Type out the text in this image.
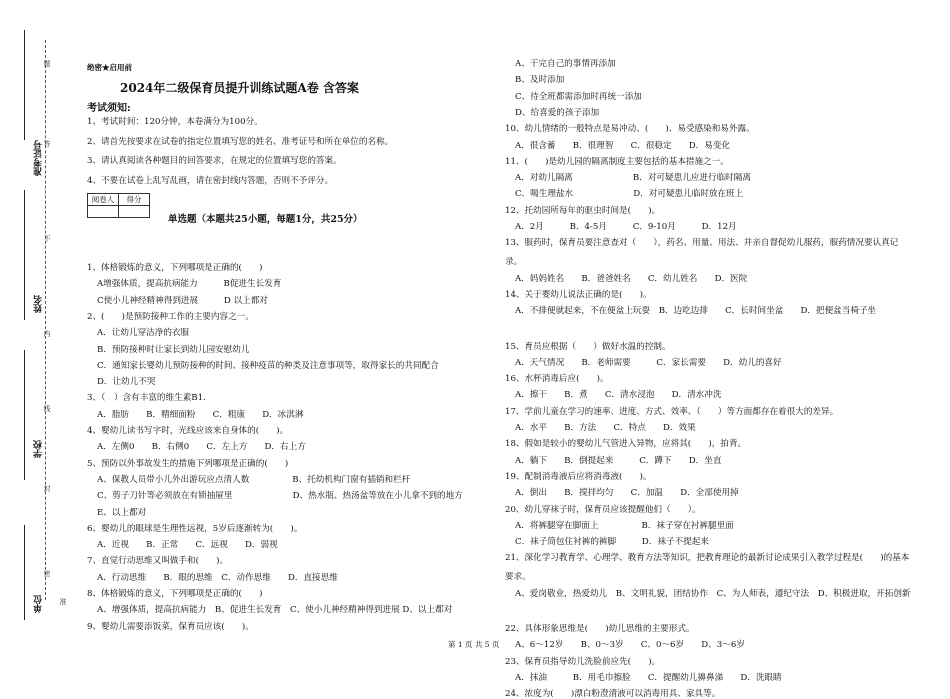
准考证号
姓名
学校
单位
题
答
不
内
线
封
密
准
绝密★启用前
2024年二级保育员提升训练试题A卷 含答案
考试须知:
1、考试时间：120分钟，本卷满分为100分。
2、请首先按要求在试卷的指定位置填写您的姓名、准考证号和所在单位的名称。
3、请认真阅读各种题目的回答要求，在规定的位置填写您的答案。
4、不要在试卷上乱写乱画，请在密封线内答题，否则不予评分。
阅卷人	得分

单选题（本题共25小题，每题1分，共25分）
1、体格锻炼的意义，下列哪项是正确的(　　)
A增强体质，提高抗病能力　　　B促进生长发育
C使小儿神经精神得到进展　　　D 以上都对
2、(　　)是预防接种工作的主要内容之一。
A．让幼儿穿洁净的衣服
B．预防接种时让家长到幼儿园安慰幼儿
C．通知家长婴幼儿预防接种的时间、接种疫苗的种类及注意事项等，取得家长的共同配合
D．让幼儿不哭
3、（　）含有丰富的维生素B1.
A．脂肪　　B．精细面粉　　C．粗康　　D．冰淇淋
4、婴幼儿读书写字时，光线应该来自身体的(　　)。
A．左侧0　　B．右侧0　　C．左上方　　D．右上方
5、预防以外事故发生的措施下列哪项是正确的(　　)
A、保教人员带小儿外出游玩应点清人数　　　　　B、托幼机构门窗有插销和栏杆
C、剪子刀针等必须放在有锁抽屉里　　　　　　　D、热水瓶、热汤盆等放在小儿拿不到的地方
E、以上都对
6、婴幼儿的眼球是生理性远视，5岁后逐渐转为(　　)。
A．近视　　B．正常　　C．远视　　D．弱视
7、直觉行动思维又叫做手和(　　)。
A．行动思维　　B．眼的思维　C．动作思维　　D．直接思维
8、体格锻炼的意义，下列哪项是正确的(　　)
A、增强体质，提高抗病能力　B、促进生长发育　C、使小儿神经精神得到进展 D、以上都对
9、婴幼儿需要添饭菜，保育员应该(　　)。
A、干完自己的事情再添加
B、及时添加
C、待全班都需添加时再统一添加
D、给喜爱的孩子添加
10、幼儿情绪的一般特点是易冲动、(　　)、易受感染和易外露。
A．很含蓄　　B．很理智　　C．很稳定　　D．易变化
11、(　　)是幼儿园的隔离制度主要包括的基本措施之一。
A．对幼儿隔离　　　　　　　B．对可疑患儿应进行临时隔离
C．喝生理盐水　　　　　　　D．对可疑患儿临时放在班上
12、托幼园所每年的驱虫时间是(　　)。
A．2月　　　B．4-5月　　　C．9-10月　　　D．12月
13、服药时，保育员要注意查对（　　），药名、用量、用法、并亲自督促幼儿服药，服药情况要认真记录。
A．妈妈姓名　　B．爸爸姓名　　C．幼儿姓名　　D．医院
14、关于婴幼儿说法正确的是(　　)。
A．不排便就起来，不在便盆上玩耍　B．边吃边排　　C．长时间坐盆　　D．把便盆当椅子坐
15、育员应根据（　　）做好水温的控制。
A．天气情况　　B．老师需要　　　C．家长需要　　D．幼儿的喜好
16、水杯消毒后应(　　)。
A．擦干　　B．煮　　C．清水浸泡　　D．清水冲洗
17、学前儿童在学习的速率、进度、方式、效率、（　　）等方面都存在着很大的差异。
A．水平　　B．方法　　C．特点　　D．效果
18、假如是较小的婴幼儿气管进入异物，应将其(　　)，拍背。
A．躺下　　B．倒提起来　　　C．蹲下　　D．坐直
19、配制消毒液后应将消毒液(　　)。
A．倒出　　B．搅拌均匀　　C．加温　　D．全部使用掉
20、幼儿穿袜子时，保育员应该提醒他们（　　）。
A．将裤腿穿在脚面上　　　　　B．袜子穿在衬裤腿里面
C．袜子筒包住衬裤的裤脚　　　D．袜子不提起来
21、深化学习教育学、心理学、教育方法等知识，把教育理论的最新讨论成果引入教学过程是(　　)的基本要求。
A、爱岗敬业，热爱幼儿　B、文明礼貌，团结协作　C、为人师表，遵纪守法　D、积极进取，开拓创新
22、具体形象思维是(　　)幼儿思维的主要形式。
A、6～12岁　　B、0～3岁　　C、0～6岁　　D、3～6岁
23、保育员指导幼儿洗脸前应先(　　)。
A．抹油　　　B．用毛巾擦脸　　C．提醒幼儿擤鼻涕　　D．洗眼睛
24、浓度为(　　)漂白粉澄清液可以消毒用具、家具等。
第 1 页 共 5 页
